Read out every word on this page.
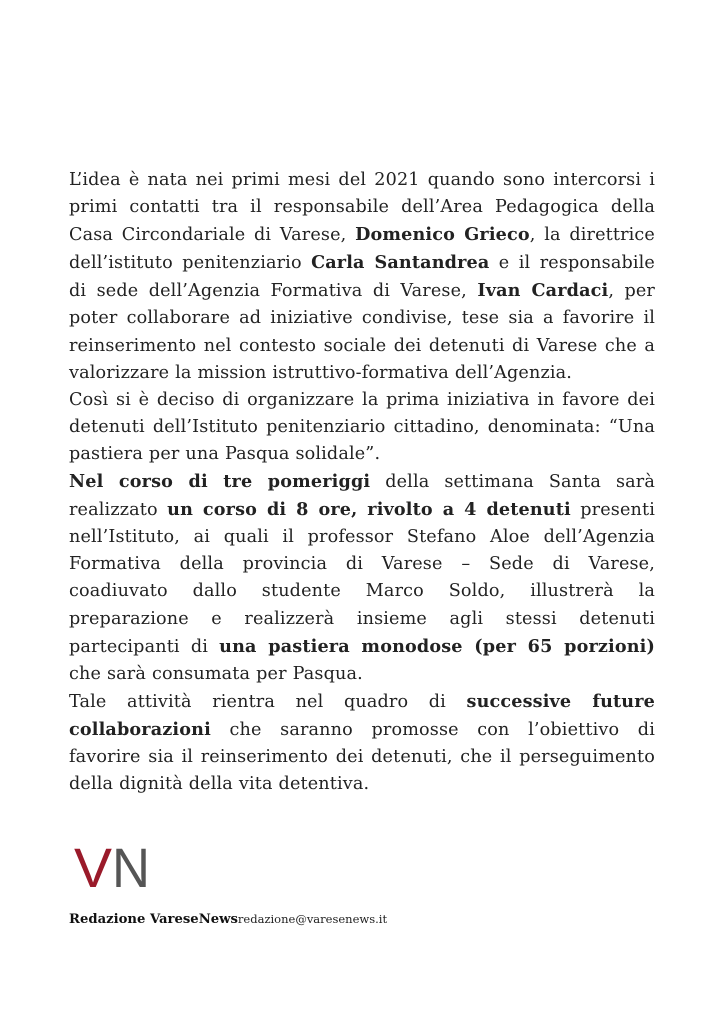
L’idea è nata nei primi mesi del 2021 quando sono intercorsi i primi contatti tra il responsabile dell’Area Pedagogica della Casa Circondariale di Varese, Domenico Grieco, la direttrice dell’istituto penitenziario Carla Santandrea e il responsabile di sede dell’Agenzia Formativa di Varese, Ivan Cardaci, per poter collaborare ad iniziative condivise, tese sia a favorire il reinserimento nel contesto sociale dei detenuti di Varese che a valorizzare la mission istruttivo-formativa dell’Agenzia.

Così si è deciso di organizzare la prima iniziativa in favore dei detenuti dell’Istituto penitenziario cittadino, denominata: “Una pastiera per una Pasqua solidale”.

Nel corso di tre pomeriggi della settimana Santa sarà realizzato un corso di 8 ore, rivolto a 4 detenuti presenti nell’Istituto, ai quali il professor Stefano Aloe dell’Agenzia Formativa della provincia di Varese – Sede di Varese, coadiuvato dallo studente Marco Soldo, illustrerà la preparazione e realizzerà insieme agli stessi detenuti partecipanti di una pastiera monodose (per 65 porzioni) che sarà consumata per Pasqua.

Tale attività rientra nel quadro di successive future collaborazioni che saranno promosse con l’obiettivo di favorire sia il reinserimento dei detenuti, che il perseguimento della dignità della vita detentiva.

V N
Redazione VareseNewsredazione@varesenews.it
